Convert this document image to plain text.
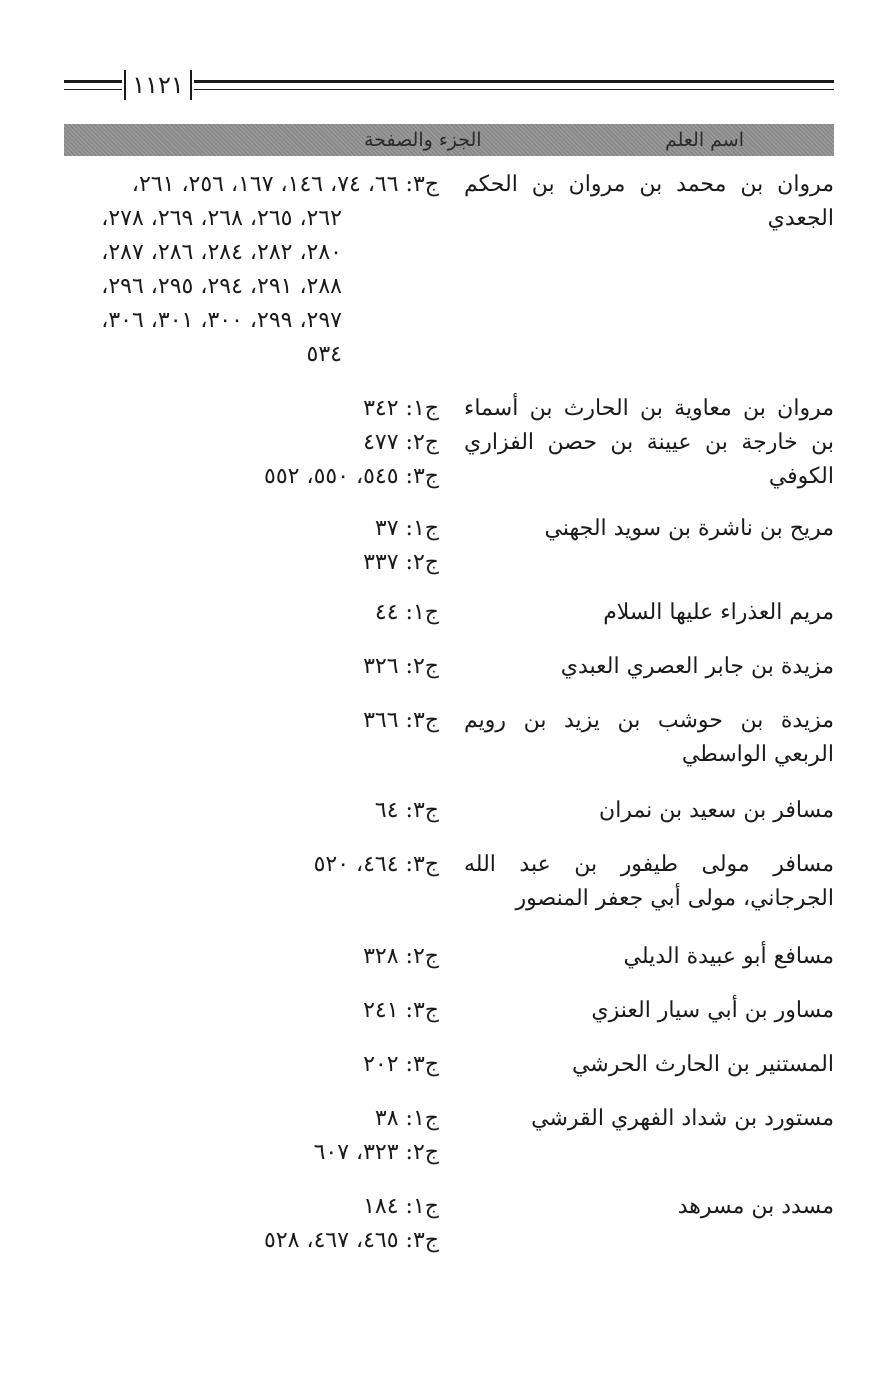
١١٢١
اسم العلم
الجزء والصفحة
مروان بن محمد بن مروان بن الحكم الجعدي
ج٣: ٦٦، ٧٤، ١٤٦، ١٦٧، ٢٥٦، ٢٦١،
٢٦٢، ٢٦٥، ٢٦٨، ٢٦٩، ٢٧٨،
٢٨٠، ٢٨٢، ٢٨٤، ٢٨٦، ٢٨٧،
٢٨٨، ٢٩١، ٢٩٤، ٢٩٥، ٢٩٦،
٢٩٧، ٢٩٩، ٣٠٠، ٣٠١، ٣٠٦،
٥٣٤
مروان بن معاوية بن الحارث بن أسماء بن خارجة بن عيينة بن حصن الفزاري الكوفي
ج١: ٣٤٢
ج٢: ٤٧٧
ج٣: ٥٤٥، ٥٥٠، ٥٥٢
مريح بن ناشرة بن سويد الجهني
ج١: ٣٧
ج٢: ٣٣٧
مريم العذراء عليها السلام
ج١: ٤٤
مزيدة بن جابر العصري العبدي
ج٢: ٣٢٦
مزيدة بن حوشب بن يزيد بن رويم الربعي الواسطي
ج٣: ٣٦٦
مسافر بن سعيد بن نمران
ج٣: ٦٤
مسافر مولى طيفور بن عبد الله الجرجاني، مولى أبي جعفر المنصور
ج٣: ٤٦٤، ٥٢٠
مسافع أبو عبيدة الديلي
ج٢: ٣٢٨
مساور بن أبي سيار العنزي
ج٣: ٢٤١
المستنير بن الحارث الحرشي
ج٣: ٢٠٢
مستورد بن شداد الفهري القرشي
ج١: ٣٨
ج٢: ٣٢٣، ٦٠٧
مسدد بن مسرهد
ج١: ١٨٤
ج٣: ٤٦٥، ٤٦٧، ٥٢٨
